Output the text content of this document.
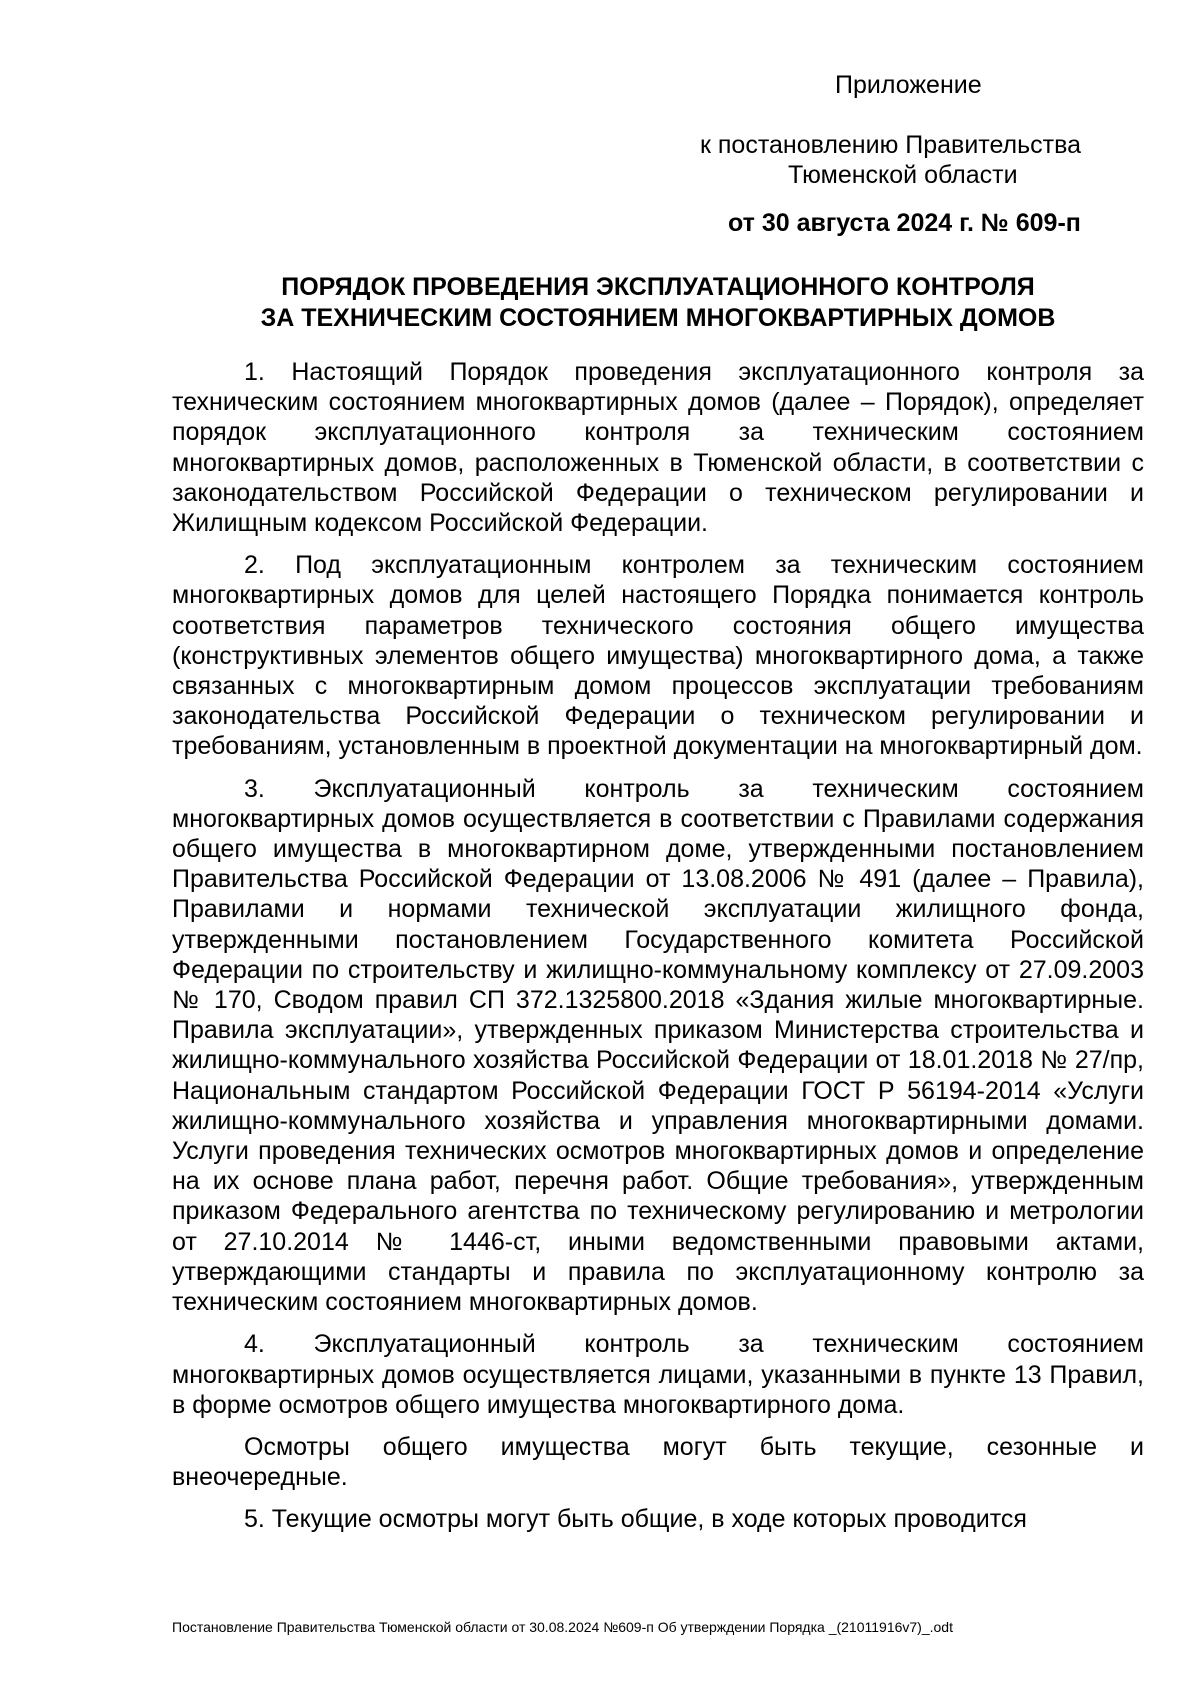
Приложение
к постановлению Правительства
Тюменской области
от 30 августа 2024 г. № 609-п
ПОРЯДОК ПРОВЕДЕНИЯ ЭКСПЛУАТАЦИОННОГО КОНТРОЛЯ
ЗА ТЕХНИЧЕСКИМ СОСТОЯНИЕМ МНОГОКВАРТИРНЫХ ДОМОВ

1. Настоящий Порядок проведения эксплуатационного контроля за техническим состоянием многоквартирных домов (далее – Порядок), определяет порядок эксплуатационного контроля за техническим состоянием многоквартирных домов, расположенных в Тюменской области, в соответствии с законодательством Российской Федерации о техническом регулировании и Жилищным кодексом Российской Федерации.

2. Под эксплуатационным контролем за техническим состоянием многоквартирных домов для целей настоящего Порядка понимается контроль соответствия параметров технического состояния общего имущества (конструктивных элементов общего имущества) многоквартирного дома, а также связанных с многоквартирным домом процессов эксплуатации требованиям законодательства Российской Федерации о техническом регулировании и требованиям, установленным в проектной документации на многоквартирный дом.

3. Эксплуатационный контроль за техническим состоянием многоквартирных домов осуществляется в соответствии с Правилами содержания общего имущества в многоквартирном доме, утвержденными постановлением Правительства Российской Федерации от 13.08.2006 № 491 (далее – Правила), Правилами и нормами технической эксплуатации жилищного фонда, утвержденными постановлением Государственного комитета Российской Федерации по строительству и жилищно-коммунальному комплексу от 27.09.2003 № 170, Сводом правил СП 372.1325800.2018 «Здания жилые многоквартирные. Правила эксплуатации», утвержденных приказом Министерства строительства и жилищно-коммунального хозяйства Российской Федерации от 18.01.2018 № 27/пр, Национальным стандартом Российской Федерации ГОСТ Р 56194-2014 «Услуги жилищно-коммунального хозяйства и управления многоквартирными домами. Услуги проведения технических осмотров многоквартирных домов и определение на их основе плана работ, перечня работ. Общие требования», утвержденным приказом Федерального агентства по техническому регулированию и метрологии от 27.10.2014 № 1446-ст, иными ведомственными правовыми актами, утверждающими стандарты и правила по эксплуатационному контролю за техническим состоянием многоквартирных домов.

4. Эксплуатационный контроль за техническим состоянием многоквартирных домов осуществляется лицами, указанными в пункте 13 Правил, в форме осмотров общего имущества многоквартирного дома.

Осмотры общего имущества могут быть текущие, сезонные и внеочередные.

5. Текущие осмотры могут быть общие, в ходе которых проводится

Постановление Правительства Тюменской области от 30.08.2024 №609-п Об утверждении Порядка _(21011916v7)_.odt
